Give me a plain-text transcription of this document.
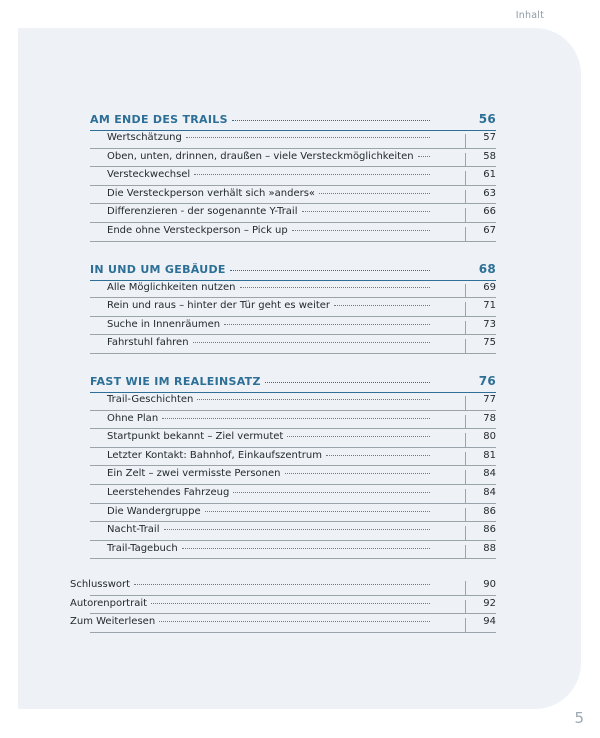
Inhalt
5
AM ENDE DES TRAILS	56
Wertschätzung	57
Oben, unten, drinnen, draußen – viele Versteckmöglichkeiten	58
Versteckwechsel	61
Die Versteckperson verhält sich »anders«	63
Differenzieren - der sogenannte Y-Trail	66
Ende ohne Versteckperson – Pick up	67
IN UND UM GEBÄUDE	68
Alle Möglichkeiten nutzen	69
Rein und raus – hinter der Tür geht es weiter	71
Suche in Innenräumen	73
Fahrstuhl fahren	75
FAST WIE IM REALEINSATZ	76
Trail-Geschichten	77
Ohne Plan	78
Startpunkt bekannt – Ziel vermutet	80
Letzter Kontakt: Bahnhof, Einkaufszentrum	81
Ein Zelt – zwei vermisste Personen	84
Leerstehendes Fahrzeug	84
Die Wandergruppe	86
Nacht-Trail	86
Trail-Tagebuch	88
Schlusswort	90
Autorenportrait	92
Zum Weiterlesen	94
